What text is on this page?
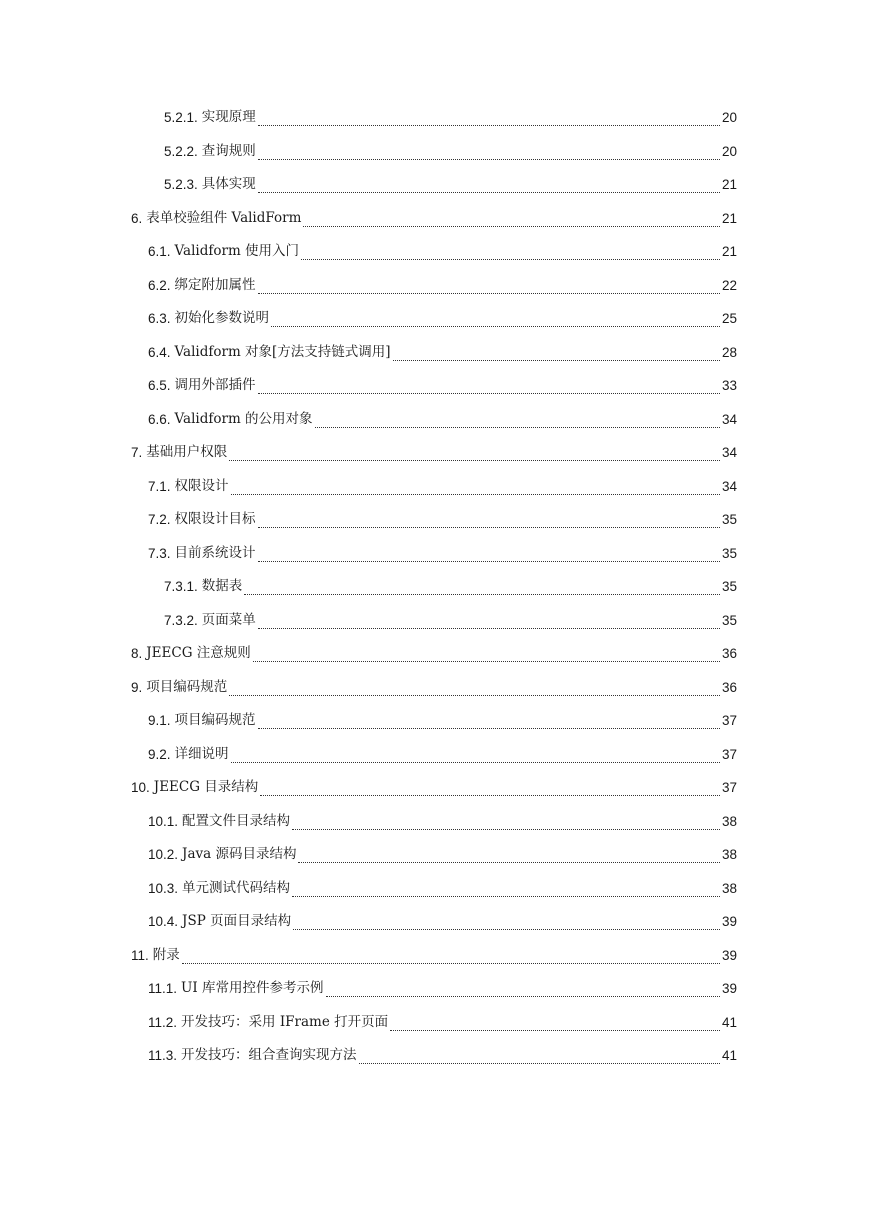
5.2.1. 实现原理	20
5.2.2. 查询规则	20
5.2.3. 具体实现	21
6. 表单校验组件 ValidForm	21
6.1. Validform 使用入门	21
6.2. 绑定附加属性	22
6.3. 初始化参数说明	25
6.4. Validform 对象[方法支持链式调用]	28
6.5. 调用外部插件	33
6.6. Validform 的公用对象	34
7. 基础用户权限	34
7.1. 权限设计	34
7.2. 权限设计目标	35
7.3. 目前系统设计	35
7.3.1. 数据表	35
7.3.2. 页面菜单	35
8. JEECG 注意规则	36
9. 项目编码规范	36
9.1. 项目编码规范	37
9.2. 详细说明	37
10. JEECG 目录结构	37
10.1. 配置文件目录结构	38
10.2. Java 源码目录结构	38
10.3. 单元测试代码结构	38
10.4. JSP 页面目录结构	39
11. 附录	39
11.1. UI 库常用控件参考示例	39
11.2. 开发技巧：采用 IFrame 打开页面	41
11.3. 开发技巧：组合查询实现方法	41
